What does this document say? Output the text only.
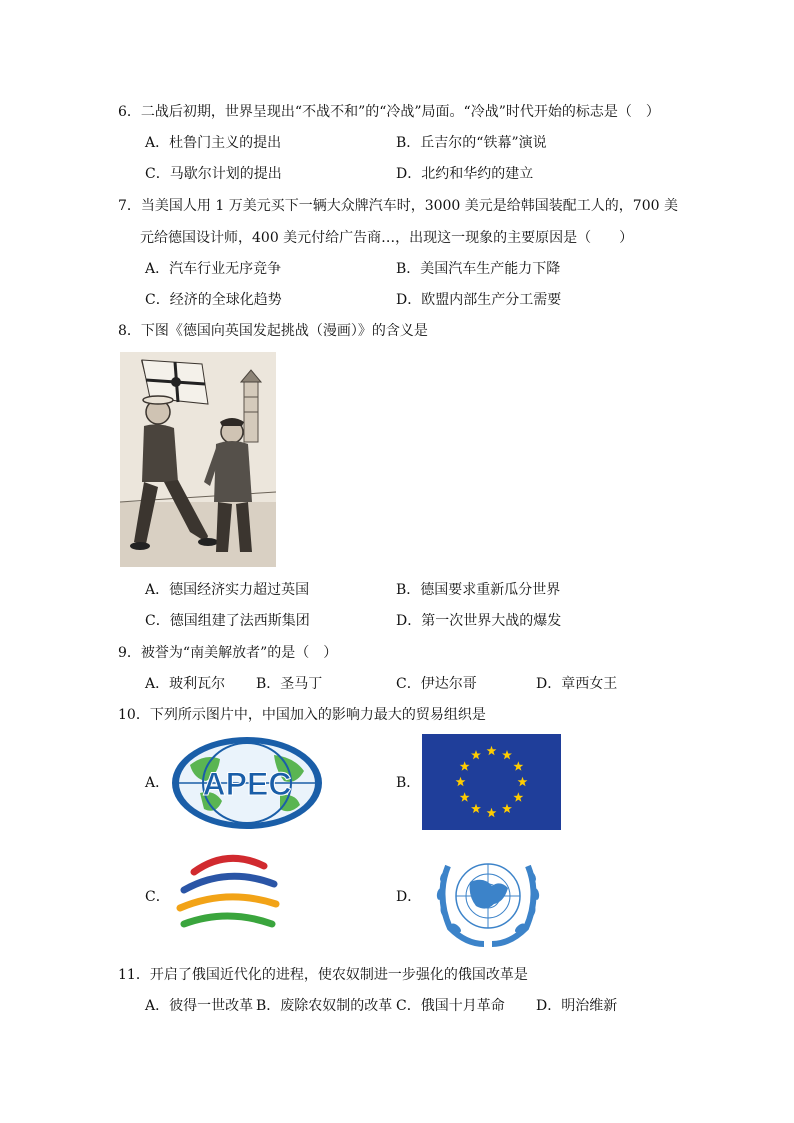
6．二战后初期，世界呈现出“不战不和”的“冷战”局面。“冷战”时代开始的标志是（　）
A．杜鲁门主义的提出	B．丘吉尔的“铁幕”演说
C．马歇尔计划的提出	D．北约和华约的建立
7．当美国人用 1 万美元买下一辆大众牌汽车时，3000 美元是给韩国装配工人的，700 美
元给德国设计师，400 美元付给广告商…，出现这一现象的主要原因是（　　）
A．汽车行业无序竞争	B．美国汽车生产能力下降
C．经济的全球化趋势	D．欧盟内部生产分工需要
8．下图《德国向英国发起挑战（漫画）》的含义是
A．德国经济实力超过英国	B．德国要求重新瓜分世界
C．德国组建了法西斯集团	D．第一次世界大战的爆发
9．被誉为“南美解放者”的是（　）
A．玻利瓦尔 B．圣马丁	C．伊达尔哥	D．章西女王
10．下列所示图片中，中国加入的影响力最大的贸易组织是
A． APEC	B．
C．	D．
11．开启了俄国近代化的进程，使农奴制进一步强化的俄国改革是
A．彼得一世改革 B．废除农奴制的改革 C．俄国十月革命 D．明治维新
